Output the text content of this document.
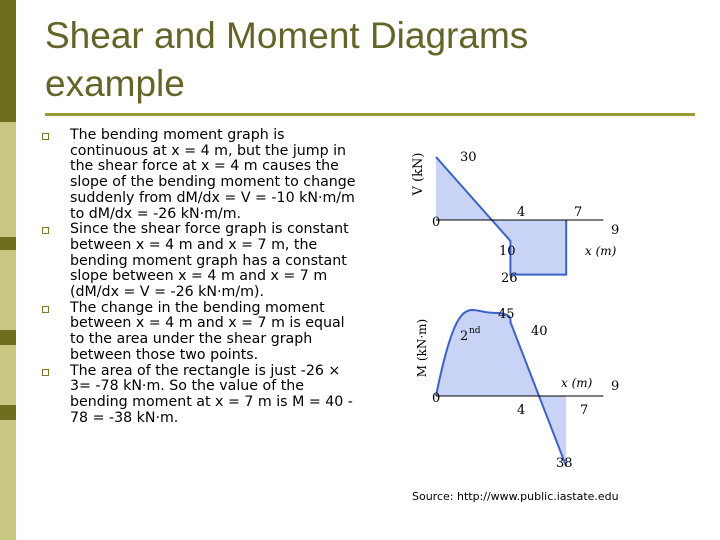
Shear and Moment Diagrams
example
The bending moment graph is continuous at x = 4 m, but the jump in the shear force at x = 4 m causes the slope of the bending moment to change suddenly from dM/dx = V = -10 kN·m/m to dM/dx = -26 kN·m/m.
Since the shear force graph is constant between x = 4 m and x = 7 m, the bending moment graph has a constant slope between x = 4 m and x = 7 m (dM/dx = V = -26 kN·m/m).
The change in the bending moment between x = 4 m and x = 7 m is equal to the area under the shear graph between those two points.
The area of the rectangle is just -26 × 3= -78 kN·m. So the value of the bending moment at x = 7 m is M = 40 - 78 = -38 kN·m.
V (kN)	30
0
4	7
9
10
26
x (m)
M (kN·m)
45
2 nd	40
0
4	7
9
38
x (m)
Source: http://www.public.iastate.edu
